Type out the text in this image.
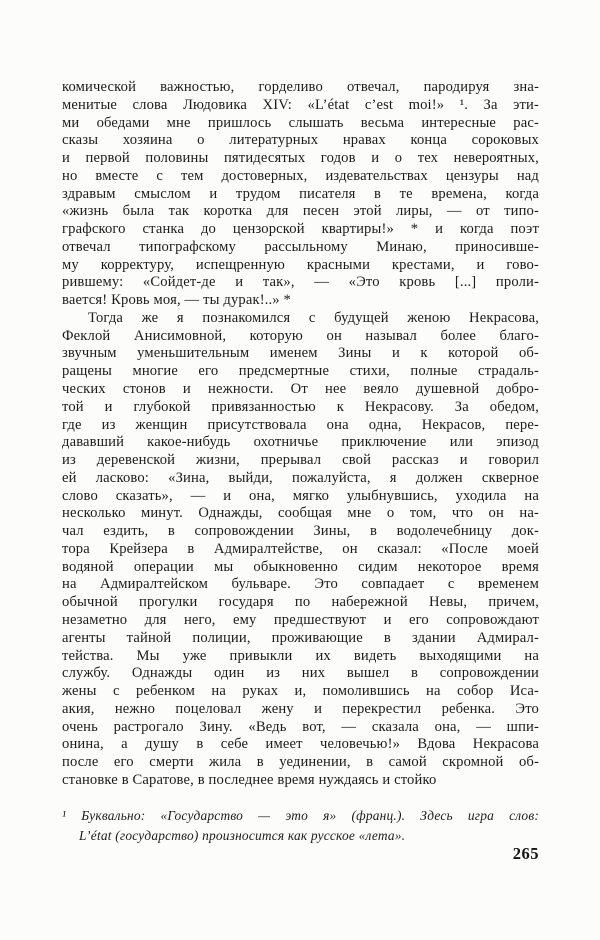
комической важностью, горделиво отвечал, пародируя зна-
менитые слова Людовика XIV: «L’état c’est moi!» ¹. За эти-
ми обедами мне пришлось слышать весьма интересные рас-
сказы хозяина о литературных нравах конца сороковых
и первой половины пятидесятых годов и о тех невероятных,
но вместе с тем достоверных, издевательствах цензуры над
здравым смыслом и трудом писателя в те времена, когда
«жизнь была так коротка для песен этой лиры, — от типо-
графского станка до цензорской квартиры!» * и когда поэт
отвечал типографскому рассыльному Минаю, приносивше-
му корректуру, испещренную красными крестами, и гово-
рившему: «Сойдет-де и так», — «Это кровь [...] проли-
вается! Кровь моя, — ты дурак!..» *
Тогда же я познакомился с будущей женою Некрасова,
Феклой Анисимовной, которую он называл более благо-
звучным уменьшительным именем Зины и к которой об-
ращены многие его предсмертные стихи, полные страдаль-
ческих стонов и нежности. От нее веяло душевной добро-
той и глубокой привязанностью к Некрасову. За обедом,
где из женщин присутствовала она одна, Некрасов, пере-
дававший какое-нибудь охотничье приключение или эпизод
из деревенской жизни, прерывал свой рассказ и говорил
ей ласково: «Зина, выйди, пожалуйста, я должен скверное
слово сказать», — и она, мягко улыбнувшись, уходила на
несколько минут. Однажды, сообщая мне о том, что он на-
чал ездить, в сопровождении Зины, в водолечебницу док-
тора Крейзера в Адмиралтействе, он сказал: «После моей
водяной операции мы обыкновенно сидим некоторое время
на Адмиралтейском бульваре. Это совпадает с временем
обычной прогулки государя по набережной Невы, причем,
незаметно для него, ему предшествуют и его сопровождают
агенты тайной полиции, проживающие в здании Адмирал-
тейства. Мы уже привыкли их видеть выходящими на
службу. Однажды один из них вышел в сопровождении
жены с ребенком на руках и, помолившись на собор Иса-
акия, нежно поцеловал жену и перекрестил ребенка. Это
очень растрогало Зину. «Ведь вот, — сказала она, — шпи-
онина, а душу в себе имеет человечью!» Вдова Некрасова
после его смерти жила в уединении, в самой скромной об-
становке в Саратове, в последнее время нуждаясь и стойко
¹ Буквально: «Государство — это я» (франц.). Здесь игра слов:
L’état (государство) произносится как русское «лета».
265
